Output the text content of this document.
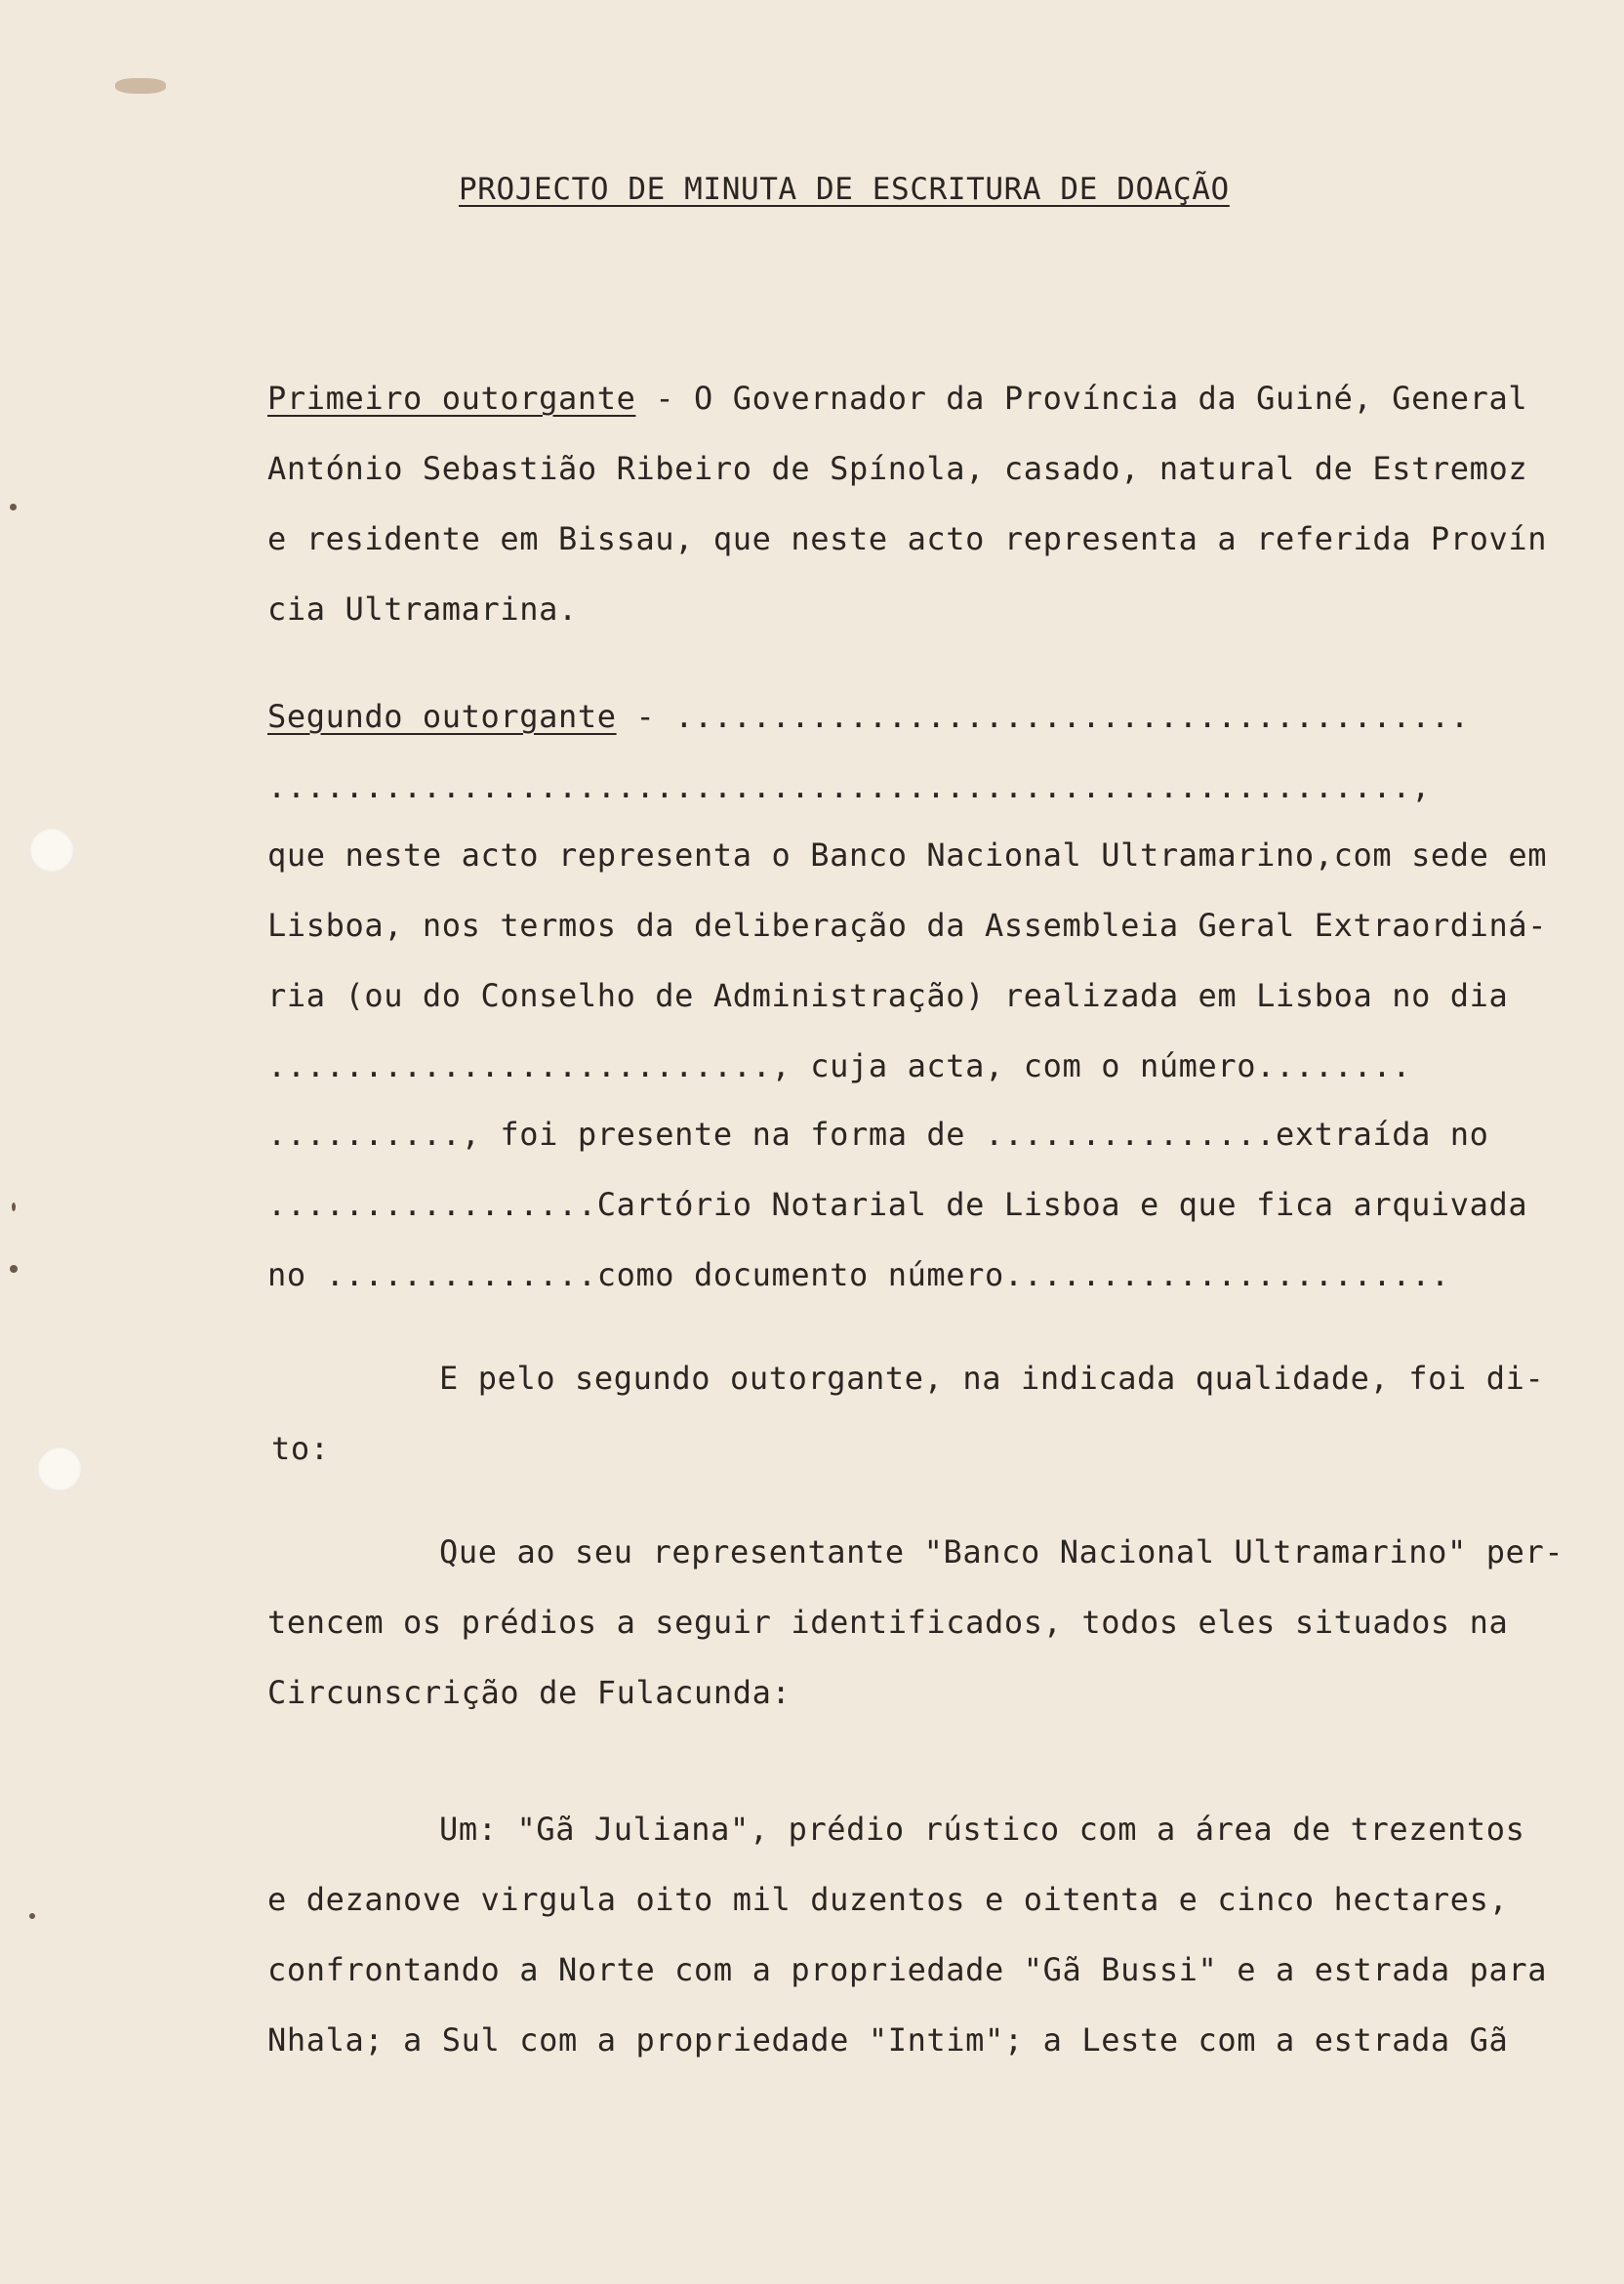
PROJECTO DE MINUTA DE ESCRITURA DE DOAÇÃO
Primeiro outorgante - O Governador da Província da Guiné, General
António Sebastião Ribeiro de Spínola, casado, natural de Estremoz
e residente em Bissau, que neste acto representa a referida Provín
cia Ultramarina.
Segundo outorgante - .........................................
...........................................................,
que neste acto representa o Banco Nacional Ultramarino,com sede em
Lisboa, nos termos da deliberação da Assembleia Geral Extraordiná-
ria (ou do Conselho de Administração) realizada em Lisboa no dia
.........................., cuja acta, com o número........
.........., foi presente na forma de ...............extraída no
.................Cartório Notarial de Lisboa e que fica arquivada
no ..............como documento número.......................
E pelo segundo outorgante, na indicada qualidade, foi di-
to:
Que ao seu representante "Banco Nacional Ultramarino" per-
tencem os prédios a seguir identificados, todos eles situados na
Circunscrição de Fulacunda:
Um: "Gã Juliana", prédio rústico com a área de trezentos
e dezanove virgula oito mil duzentos e oitenta e cinco hectares,
confrontando a Norte com a propriedade "Gã Bussi" e a estrada para
Nhala; a Sul com a propriedade "Intim"; a Leste com a estrada Gã
